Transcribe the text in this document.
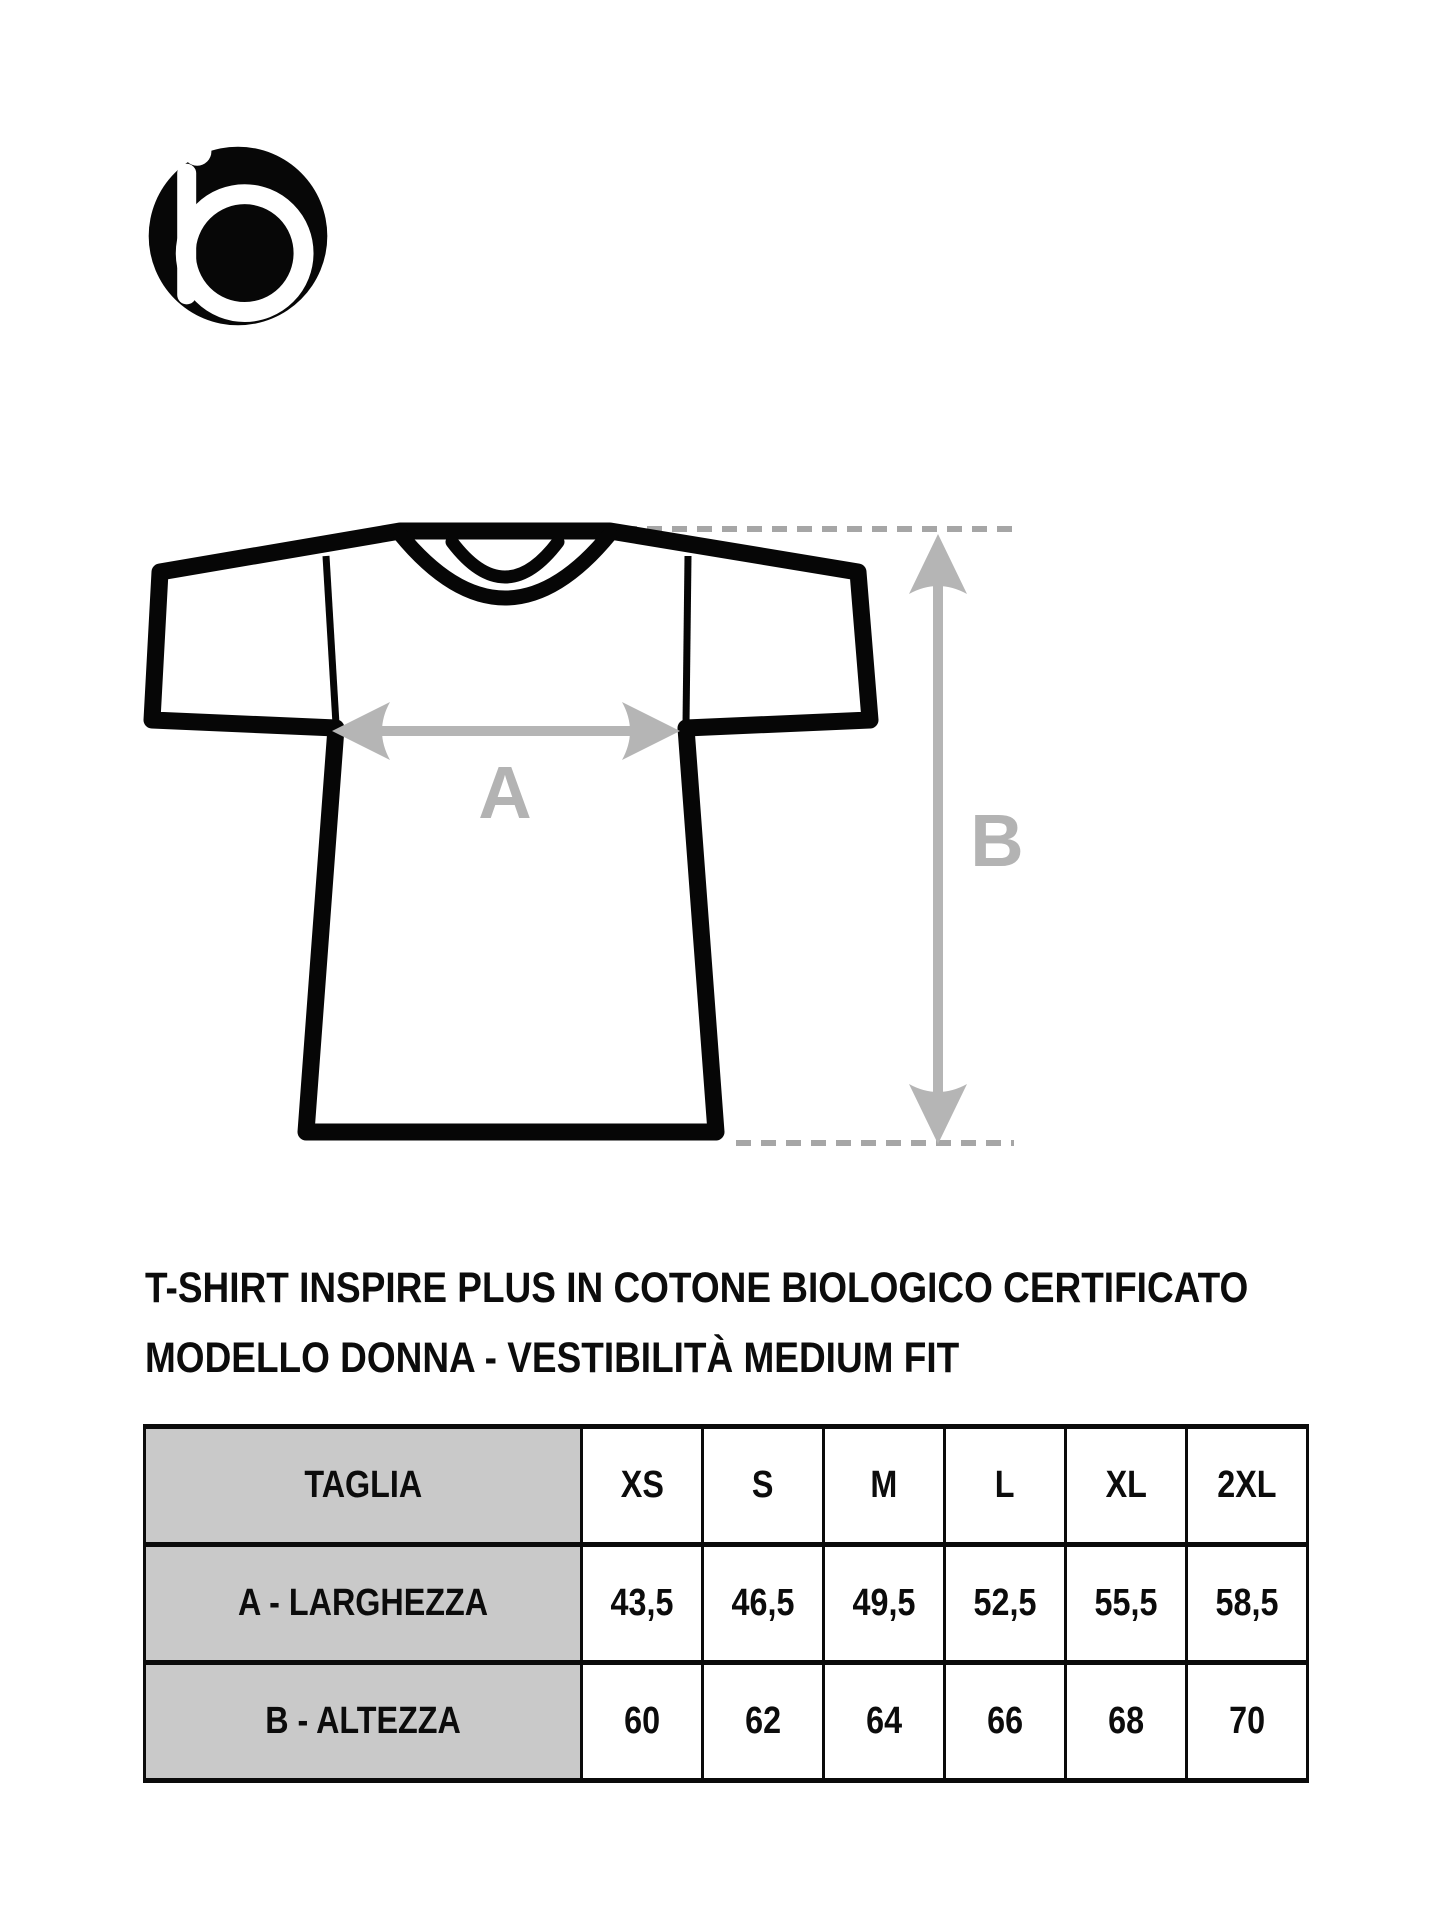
A
B
T-SHIRT INSPIRE PLUS IN COTONE BIOLOGICO CERTIFICATO
MODELLO DONNA - VESTIBILITÀ MEDIUM FIT
TAGLIA	XS	S	M	L	XL	2XL
A - LARGHEZZA	43,5	46,5	49,5	52,5	55,5	58,5
B - ALTEZZA	60	62	64	66	68	70
